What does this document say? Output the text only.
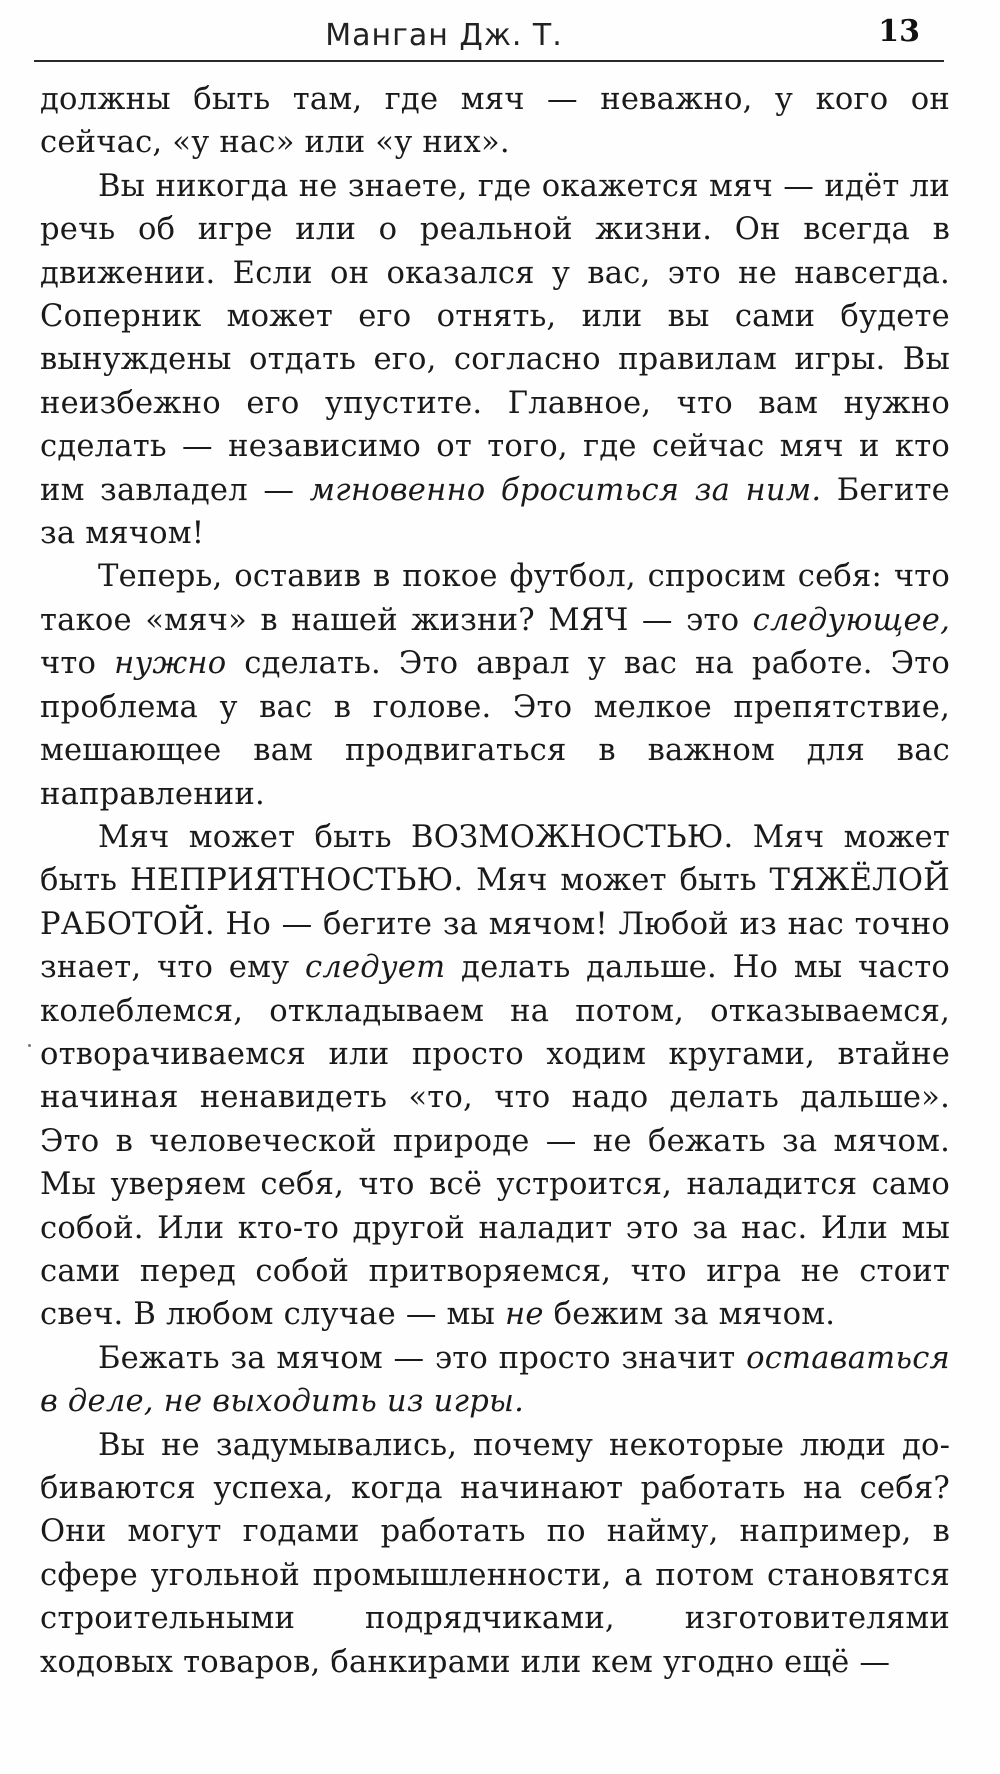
Манган Дж. Т.	13

должны быть там, где мяч — неважно, у кого он сейчас, «у нас» или «у них».

Вы никогда не знаете, где окажется мяч — идёт ли речь об игре или о реальной жизни. Он всегда в движении. Если он оказался у вас, это не навсегда. Соперник может его отнять, или вы сами будете вынуждены отдать его, согласно правилам игры. Вы неизбежно его упустите. Главное, что вам нужно сделать — независимо от того, где сейчас мяч и кто им завладел — мгновенно броситься за ним. Бегите за мячом!

Теперь, оставив в покое футбол, спросим себя: что такое «мяч» в нашей жизни? МЯЧ — это следующее, что нужно сделать. Это аврал у вас на работе. Это проблема у вас в голове. Это мелкое препятствие, мешающее вам продвигаться в важном для вас направлении.

Мяч может быть ВОЗМОЖНОСТЬЮ. Мяч может быть НЕПРИЯТНОСТЬЮ. Мяч может быть ТЯЖЁЛОЙ РАБОТОЙ. Но — бегите за мячом! Любой из нас точно знает, что ему следует делать дальше. Но мы часто колеблемся, откладываем на потом, отказываемся, отворачиваемся или просто ходим кругами, втайне начиная ненавидеть «то, что надо делать дальше». Это в человеческой природе — не бежать за мячом. Мы уверяем себя, что всё устроится, наладится само собой. Или кто-то другой наладит это за нас. Или мы сами перед собой притворяемся, что игра не стоит свеч. В любом случае — мы не бежим за мячом.

Бежать за мячом — это просто значит оставаться в деле, не выходить из игры.

Вы не задумывались, почему некоторые люди добиваются успеха, когда начинают работать на себя? Они могут годами работать по найму, например, в сфере угольной промышленности, а потом становятся строительными подрядчиками, изготовителями ходовых товаров, банкирами или кем угодно ещё —
